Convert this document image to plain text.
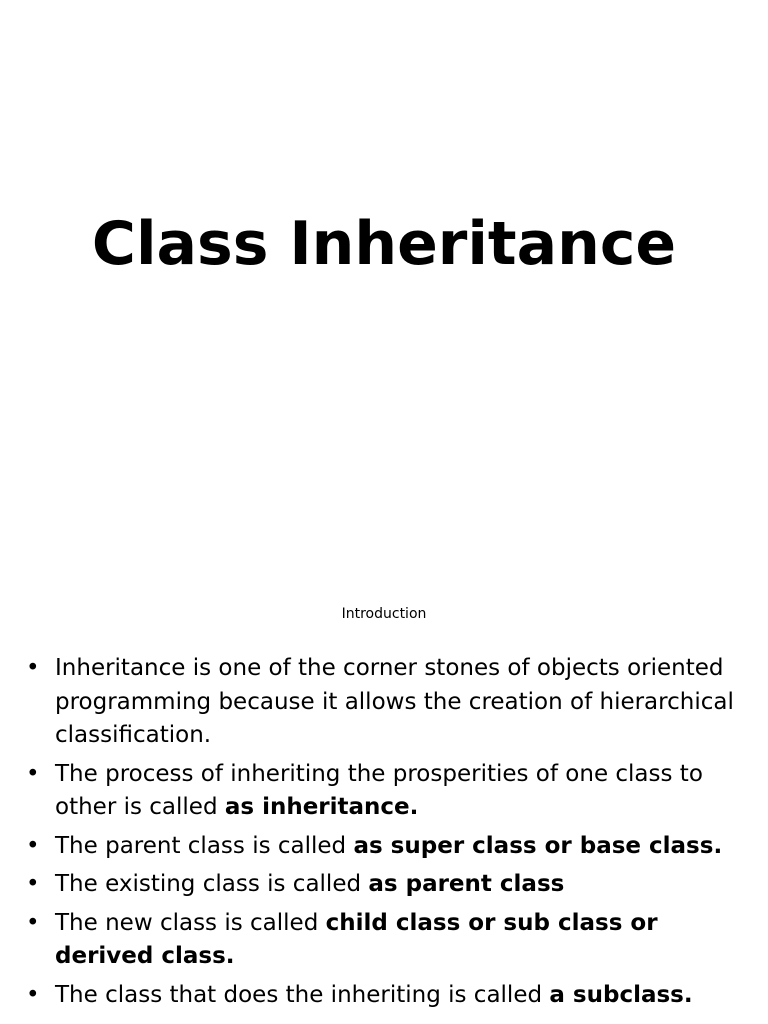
Class Inheritance

Introduction

• Inheritance is one of the corner stones of objects oriented programming because it allows the creation of hierarchical classification.
• The process of inheriting the prosperities of one class to other is called as inheritance.
• The parent class is called as super class or base class.
• The existing class is called as parent class
• The new class is called child class or sub class or derived class.
• The class that does the inheriting is called a subclass.
